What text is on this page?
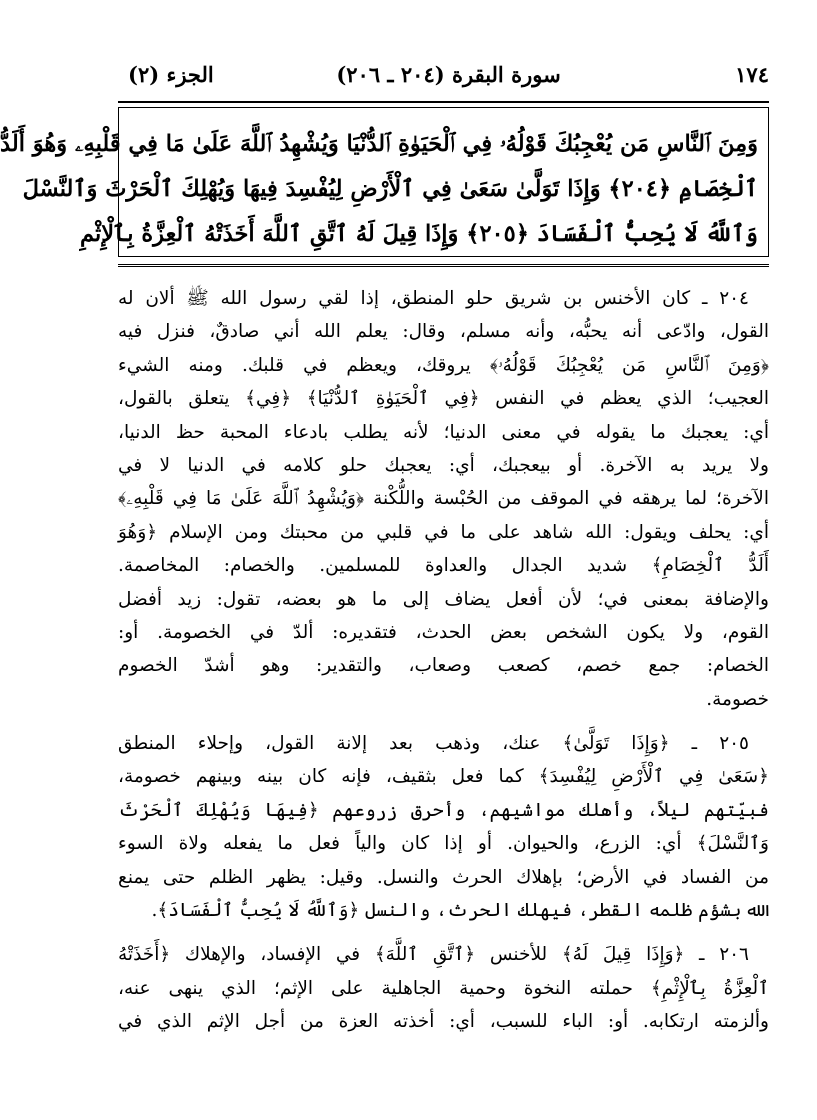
١٧٤
سورة البقرة (٢٠٤ ـ ٢٠٦)
الجزء (٢)
وَمِنَ ٱلنَّاسِ مَن يُعْجِبُكَ قَوْلُهُۥ فِي ٱلْحَيَوٰةِ ٱلدُّنْيَا وَيُشْهِدُ ٱللَّهَ عَلَىٰ مَا فِي قَلْبِهِۦ وَهُوَ أَلَدُّ
ٱلْخِصَامِ ﴿٢٠٤﴾ وَإِذَا تَوَلَّىٰ سَعَىٰ فِي ٱلْأَرْضِ لِيُفْسِدَ فِيهَا وَيُهْلِكَ ٱلْحَرْثَ وَٱلنَّسْلَ
وَٱللَّهُ لَا يُحِبُّ ٱلْفَسَادَ ﴿٢٠٥﴾ وَإِذَا قِيلَ لَهُ ٱتَّقِ ٱللَّهَ أَخَذَتْهُ ٱلْعِزَّةُ بِٱلْإِثْمِ
٢٠٤ ـ كان الأخنس بن شريق حلو المنطق، إذا لقي رسول الله ﷺ ألان له
القول، وادّعى أنه يحبُّه، وأنه مسلم، وقال: يعلم الله أني صادقٌ، فنزل فيه
﴿وَمِنَ ٱلنَّاسِ مَن يُعْجِبُكَ قَوْلُهُۥ﴾ يروقك، ويعظم في قلبك. ومنه الشيء
العجيب؛ الذي يعظم في النفس ﴿فِي ٱلْحَيَوٰةِ ٱلدُّنْيَا﴾ ﴿فِي﴾ يتعلق بالقول،
أي: يعجبك ما يقوله في معنى الدنيا؛ لأنه يطلب بادعاء المحبة حظ الدنيا،
ولا يريد به الآخرة. أو بيعجبك، أي: يعجبك حلو كلامه في الدنيا لا في
الآخرة؛ لما يرهقه في الموقف من الحُبْسة واللُّكْنة ﴿وَيُشْهِدُ ٱللَّهَ عَلَىٰ مَا فِي قَلْبِهِۦ﴾
أي: يحلف ويقول: الله شاهد على ما في قلبي من محبتك ومن الإسلام ﴿وَهُوَ
أَلَدُّ ٱلْخِصَامِ﴾ شديد الجدال والعداوة للمسلمين. والخصام: المخاصمة.
والإضافة بمعنى في؛ لأن أفعل يضاف إلى ما هو بعضه، تقول: زيد أفضل
القوم، ولا يكون الشخص بعض الحدث، فتقديره: ألدّ في الخصومة. أو:
الخصام: جمع خصم، كصعب وصعاب، والتقدير: وهو أشدّ الخصوم
خصومة.
٢٠٥ ـ ﴿وَإِذَا تَوَلَّىٰ﴾ عنك، وذهب بعد إلانة القول، وإحلاء المنطق
﴿سَعَىٰ فِي ٱلْأَرْضِ لِيُفْسِدَ﴾ كما فعل بثقيف، فإنه كان بينه وبينهم خصومة،
فبيّتهم ليلاً، وأهلك مواشيهم، وأحرق زروعهم ﴿فِيهَا وَيُهْلِكَ ٱلْحَرْثَ
وَٱلنَّسْلَ﴾ أي: الزرع، والحيوان. أو إذا كان والياً فعل ما يفعله ولاة السوء
من الفساد في الأرض؛ بإهلاك الحرث والنسل. وقيل: يظهر الظلم حتى يمنع
الله بشؤم ظلمه القطر، فيهلك الحرث، والنسل ﴿وَٱللَّهُ لَا يُحِبُّ ٱلْفَسَادَ﴾.
٢٠٦ ـ ﴿وَإِذَا قِيلَ لَهُ﴾ للأخنس ﴿ٱتَّقِ ٱللَّهَ﴾ في الإفساد، والإهلاك ﴿أَخَذَتْهُ
ٱلْعِزَّةُ بِٱلْإِثْمِ﴾ حملته النخوة وحمية الجاهلية على الإثم؛ الذي ينهى عنه،
وألزمته ارتكابه. أو: الباء للسبب، أي: أخذته العزة من أجل الإثم الذي في
